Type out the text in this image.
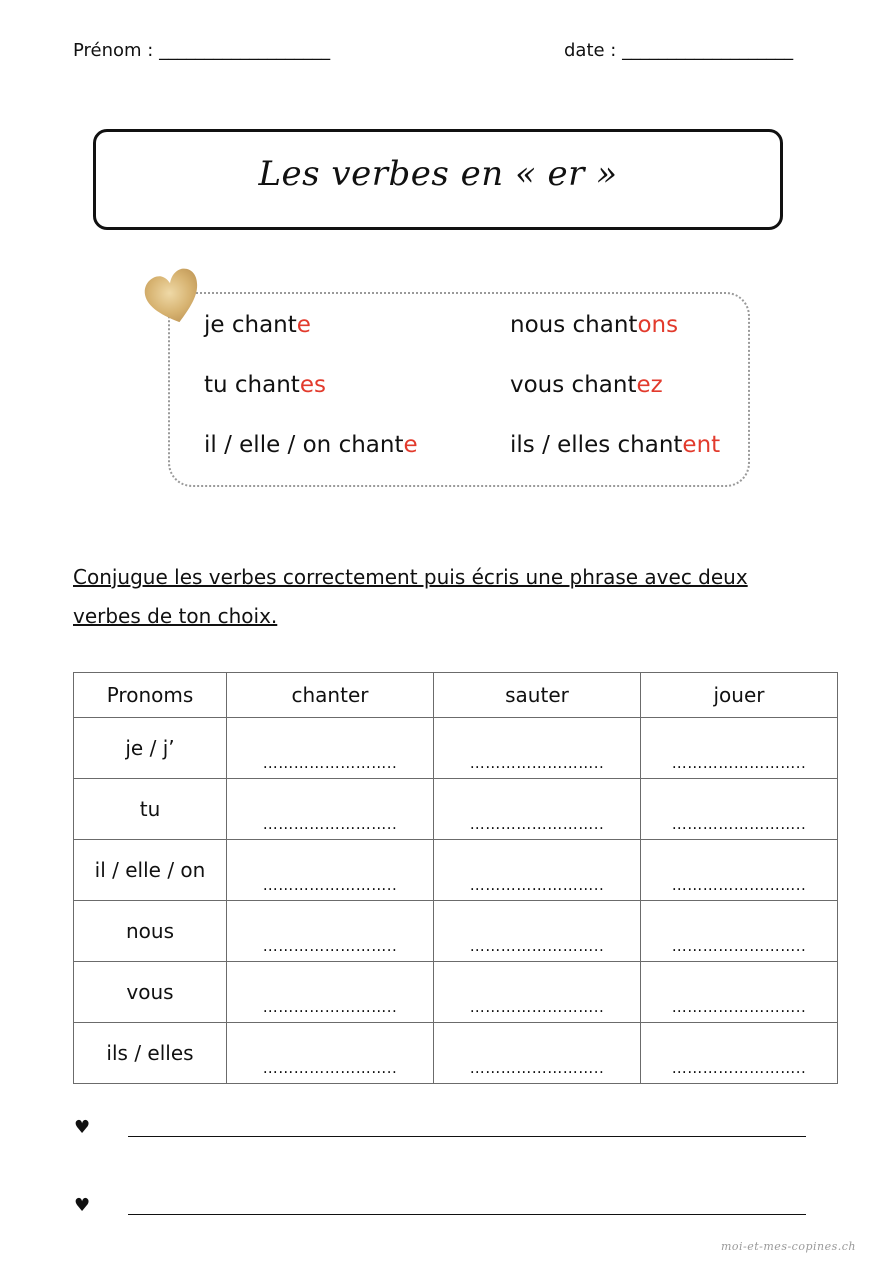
Prénom : ___________________	date : ___________________
Les verbes en « er »
je chante
tu chantes
il / elle / on chante
nous chantons
vous chantez
ils / elles chantent
Conjugue les verbes correctement puis écris une phrase avec deux verbes de ton choix.
Pronoms	chanter	sauter	jouer
je / j’	……………………..	……………………..	……………………..
tu	……………………..	……………………..	……………………..
il / elle / on	……………………..	……………………..	……………………..
nous	……………………..	……………………..	……………………..
vous	……………………..	……………………..	……………………..
ils / elles	……………………..	……………………..	……………………..
♥
♥
moi-et-mes-copines.ch
